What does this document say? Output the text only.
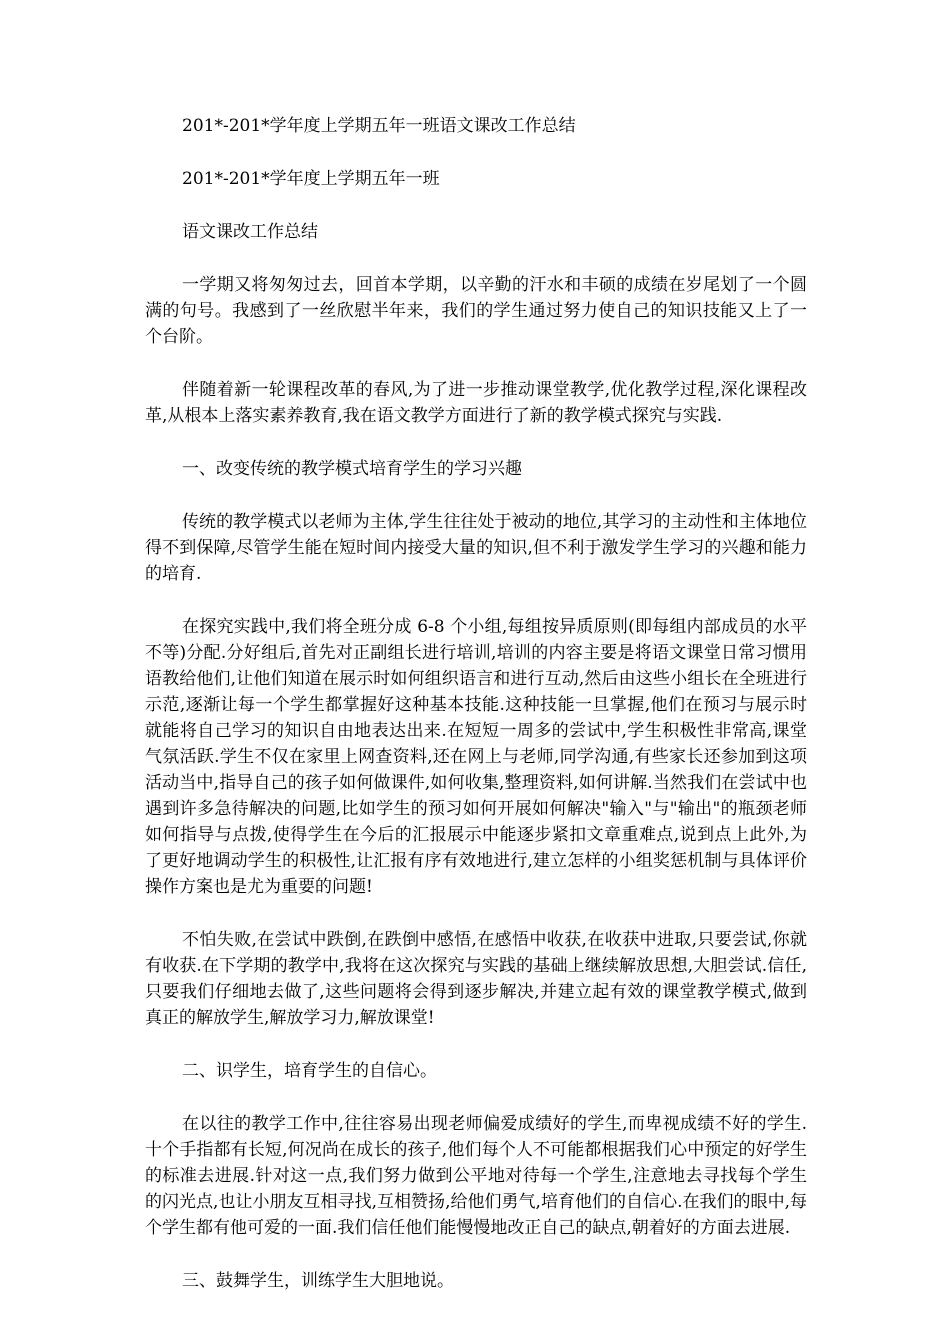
201*-201*学年度上学期五年一班语文课改工作总结

201*-201*学年度上学期五年一班

语文课改工作总结

一学期又将匆匆过去，回首本学期，以辛勤的汗水和丰硕的成绩在岁尾划了一个圆满的句号。我感到了一丝欣慰半年来，我们的学生通过努力使自己的知识技能又上了一个台阶。

伴随着新一轮课程改革的春风,为了进一步推动课堂教学,优化教学过程,深化课程改革,从根本上落实素养教育,我在语文教学方面进行了新的教学模式探究与实践.

一、改变传统的教学模式培育学生的学习兴趣

传统的教学模式以老师为主体,学生往往处于被动的地位,其学习的主动性和主体地位得不到保障,尽管学生能在短时间内接受大量的知识,但不利于激发学生学习的兴趣和能力的培育.

在探究实践中,我们将全班分成 6-8 个小组,每组按异质原则(即每组内部成员的水平不等)分配.分好组后,首先对正副组长进行培训,培训的内容主要是将语文课堂日常习惯用语教给他们,让他们知道在展示时如何组织语言和进行互动,然后由这些小组长在全班进行示范,逐渐让每一个学生都掌握好这种基本技能.这种技能一旦掌握,他们在预习与展示时就能将自己学习的知识自由地表达出来.在短短一周多的尝试中,学生积极性非常高,课堂气氛活跃.学生不仅在家里上网查资料,还在网上与老师,同学沟通,有些家长还参加到这项活动当中,指导自己的孩子如何做课件,如何收集,整理资料,如何讲解.当然我们在尝试中也遇到许多急待解决的问题,比如学生的预习如何开展如何解决"输入"与"输出"的瓶颈老师如何指导与点拨,使得学生在今后的汇报展示中能逐步紧扣文章重难点,说到点上此外,为了更好地调动学生的积极性,让汇报有序有效地进行,建立怎样的小组奖惩机制与具体评价操作方案也是尤为重要的问题!

不怕失败,在尝试中跌倒,在跌倒中感悟,在感悟中收获,在收获中进取,只要尝试,你就有收获.在下学期的教学中,我将在这次探究与实践的基础上继续解放思想,大胆尝试.信任,只要我们仔细地去做了,这些问题将会得到逐步解决,并建立起有效的课堂教学模式,做到真正的解放学生,解放学习力,解放课堂!

二、识学生，培育学生的自信心。

在以往的教学工作中,往往容易出现老师偏爱成绩好的学生,而卑视成绩不好的学生.十个手指都有长短,何况尚在成长的孩子,他们每个人不可能都根据我们心中预定的好学生的标准去进展.针对这一点,我们努力做到公平地对待每一个学生,注意地去寻找每个学生的闪光点,也让小朋友互相寻找,互相赞扬,给他们勇气,培育他们的自信心.在我们的眼中,每个学生都有他可爱的一面.我们信任他们能慢慢地改正自己的缺点,朝着好的方面去进展.

三、鼓舞学生，训练学生大胆地说。
